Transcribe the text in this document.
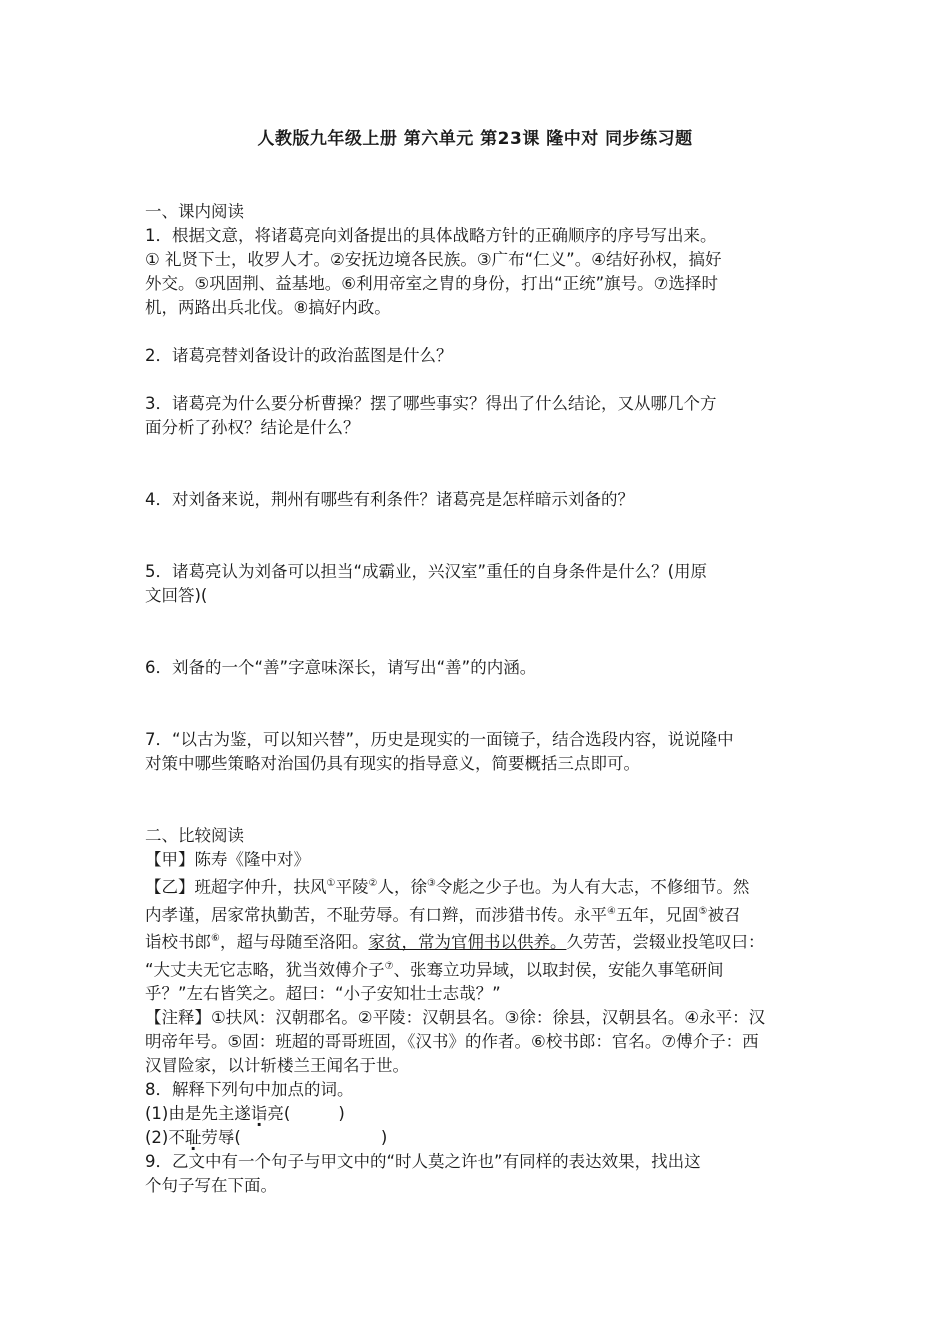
人教版九年级上册 第六单元 第23课 隆中对 同步练习题

一、课内阅读

1．根据文意，将诸葛亮向刘备提出的具体战略方针的正确顺序的序号写出来。

① 礼贤下士，收罗人才。②安抚边境各民族。③广布“仁义”。④结好孙权，搞好

外交。⑤巩固荆、益基地。⑥利用帝室之胄的身份，打出“正统”旗号。⑦选择时

机，两路出兵北伐。⑧搞好内政。

2．诸葛亮替刘备设计的政治蓝图是什么？

3．诸葛亮为什么要分析曹操？摆了哪些事实？得出了什么结论，又从哪几个方

面分析了孙权？结论是什么？

4．对刘备来说，荆州有哪些有利条件？诸葛亮是怎样暗示刘备的？

5．诸葛亮认为刘备可以担当“成霸业，兴汉室”重任的自身条件是什么？(用原

文回答)(

6．刘备的一个“善”字意味深长，请写出“善”的内涵。

7．“以古为鉴，可以知兴替”，历史是现实的一面镜子，结合选段内容，说说隆中

对策中哪些策略对治国仍具有现实的指导意义，简要概括三点即可。

二、比较阅读

【甲】陈寿《隆中对》

【乙】班超字仲升，扶风①平陵②人，徐③令彪之少子也。为人有大志，不修细节。然

内孝谨，居家常执勤苦，不耻劳辱。有口辫，而涉猎书传。永平④五年，兄固⑤被召

诣校书郎⑥，超与母随至洛阳。家贫，常为官佣书以供养。久劳苦，尝辍业投笔叹曰：

“大丈夫无它志略，犹当效傅介子⑦、张骞立功异域，以取封侯，安能久事笔研间

乎？”左右皆笑之。超曰：“小子安知壮士志哉？”

【注释】①扶风：汉朝郡名。②平陵：汉朝县名。③徐：徐县，汉朝县名。④永平：汉

明帝年号。⑤固：班超的哥哥班固，《汉书》的作者。⑥校书郎：官名。⑦傅介子：西

汉冒险家，以计斩楼兰王闻名于世。

8．解释下列句中加点的词。

(1)由是先主遂诣亮(	)

(2)不耻劳辱(	)

9．乙文中有一个句子与甲文中的“时人莫之许也”有同样的表达效果，找出这

个句子写在下面。
